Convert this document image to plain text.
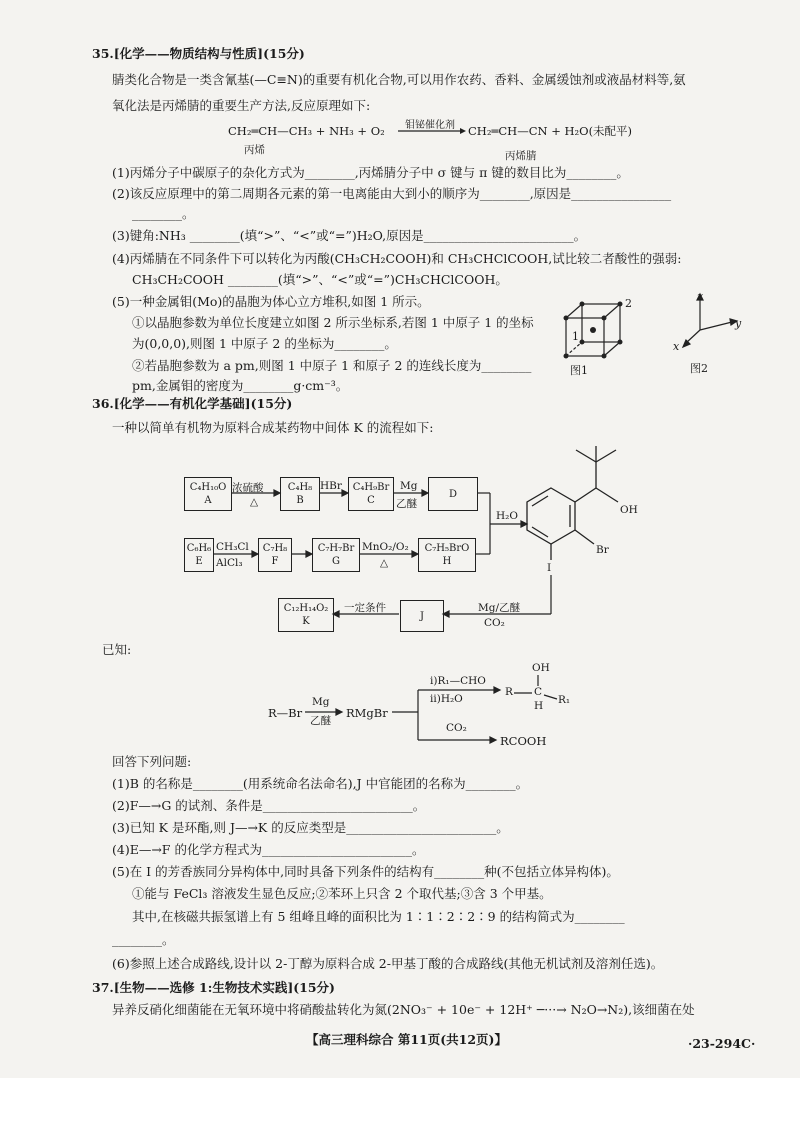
35.[化学——物质结构与性质](15分)
腈类化合物是一类含氰基(—C≡N)的重要有机化合物,可以用作农药、香料、金属缓蚀剂或液晶材料等,氨
氧化法是丙烯腈的重要生产方法,反应原理如下:
CH₂═CH—CH₃ + NH₃ + O₂ 钼铋催化剂 CH₂═CH—CN + H₂O(未配平)
丙烯	丙烯腈
(1)丙烯分子中碳原子的杂化方式为________,丙烯腈分子中 σ 键与 π 键的数目比为________。
(2)该反应原理中的第二周期各元素的第一电离能由大到小的顺序为________,原因是________________
________。
(3)键角:NH₃ ________(填“>”、“<”或“=”)H₂O,原因是________________________。
(4)丙烯腈在不同条件下可以转化为丙酸(CH₃CH₂COOH)和 CH₃CHClCOOH,试比较二者酸性的强弱:
CH₃CH₂COOH ________(填“>”、“<”或“=”)CH₃CHClCOOH。
(5)一种金属钼(Mo)的晶胞为体心立方堆积,如图 1 所示。
①以晶胞参数为单位长度建立如图 2 所示坐标系,若图 1 中原子 1 的坐标
为(0,0,0),则图 1 中原子 2 的坐标为________。
②若晶胞参数为 a pm,则图 1 中原子 1 和原子 2 的连线长度为________
pm,金属钼的密度为________g·cm⁻³。
1
2
图1
z
y
x
图2
36.[化学——有机化学基础](15分)
一种以简单有机物为原料合成某药物中间体 K 的流程如下:
C₄H₁₀O
A
C₄H₈
B
C₄H₉Br
C
D
C₆H₆
E
C₇H₈
F
C₇H₇Br
G
C₇H₅BrO
H
C₁₂H₁₄O₂
K	J
浓硫酸
△
HBr	Mg
乙醚
CH₃Cl
AlCl₃
MnO₂/O₂
△
H₂O
Mg/乙醚
CO₂
一定条件
OH
Br
I
已知:
R—Br
Mg
乙醚
RMgBr
ⅰ)R₁—CHO
ⅱ)H₂O
CO₂
RCOOH
OH
R C
H R₁
回答下列问题:
(1)B 的名称是________(用系统命名法命名),J 中官能团的名称为________。
(2)F—→G 的试剂、条件是________________________。
(3)已知 K 是环酯,则 J—→K 的反应类型是________________________。
(4)E—→F 的化学方程式为________________________。
(5)在 I 的芳香族同分异构体中,同时具备下列条件的结构有________种(不包括立体异构体)。
①能与 FeCl₃ 溶液发生显色反应;②苯环上只含 2 个取代基;③含 3 个甲基。
其中,在核磁共振氢谱上有 5 组峰且峰的面积比为 1∶1∶2∶2∶9 的结构简式为________
________。
(6)参照上述合成路线,设计以 2-丁醇为原料合成 2-甲基丁酸的合成路线(其他无机试剂及溶剂任选)。
37.[生物——选修 1:生物技术实践](15分)
异养反硝化细菌能在无氧环境中将硝酸盐转化为氮(2NO₃⁻ + 10e⁻ + 12H⁺ ─···→ N₂O→N₂),该细菌在处
【高三理科综合 第11页(共12页)】	·23-294C·
